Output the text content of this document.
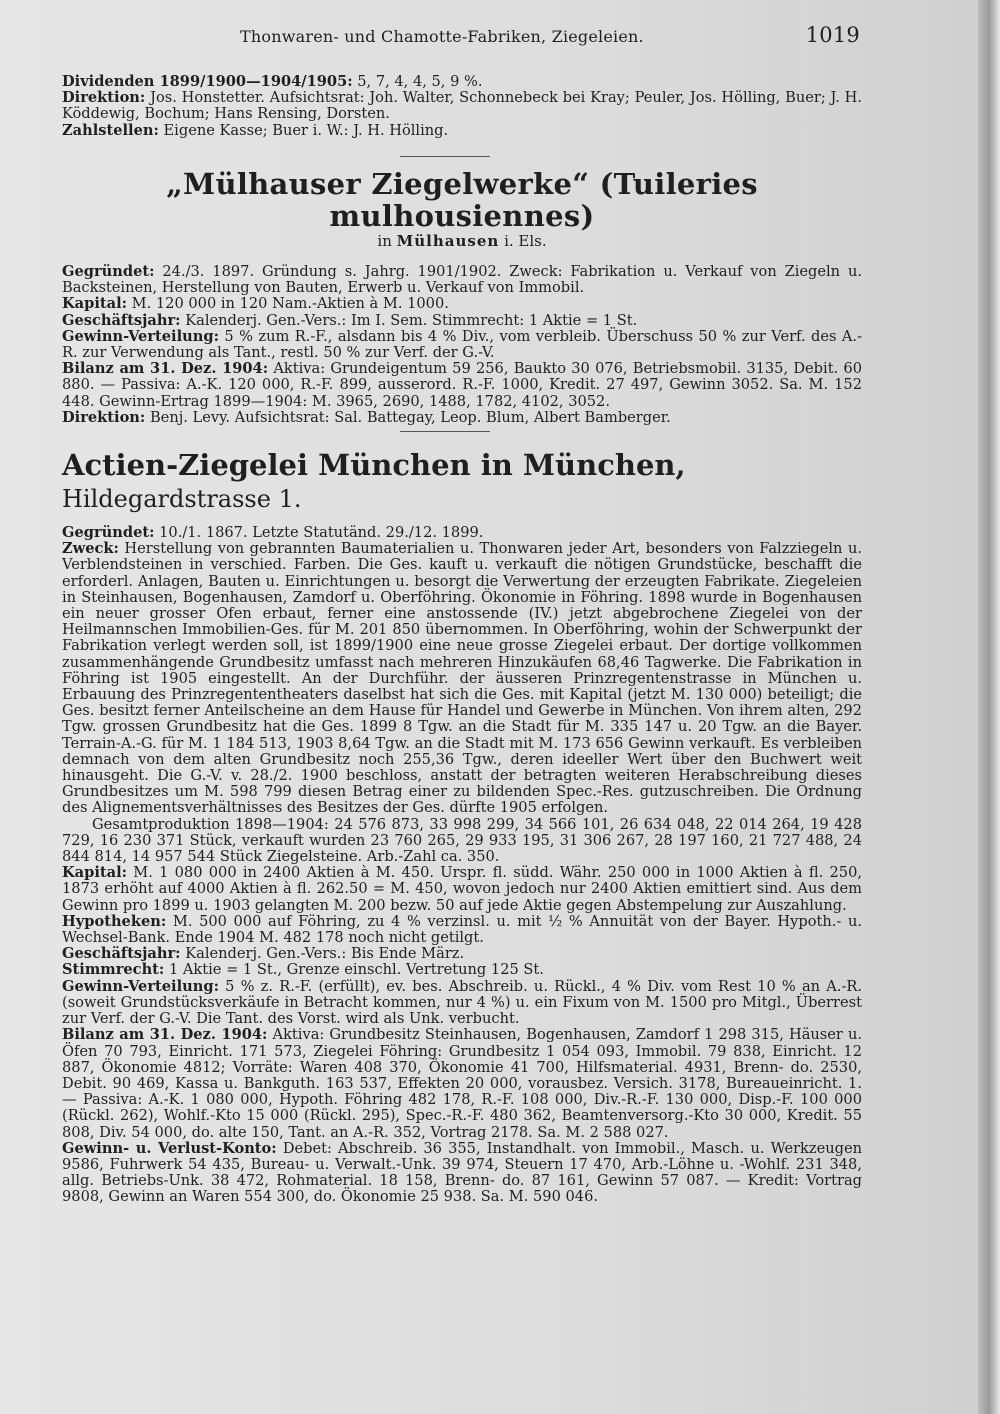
Thonwaren- und Chamotte-Fabriken, Ziegeleien.	1019

Dividenden 1899/1900—1904/1905: 5, 7, 4, 4, 5, 9 %.

Direktion: Jos. Honstetter. Aufsichtsrat: Joh. Walter, Schonnebeck bei Kray; Peuler, Jos. Hölling, Buer; J. H. Köddewig, Bochum; Hans Rensing, Dorsten.

Zahlstellen: Eigene Kasse; Buer i. W.: J. H. Hölling.

„Mülhauser Ziegelwerke“ (Tuileries mulhousiennes)

in Mülhausen i. Els.

Gegründet: 24./3. 1897. Gründung s. Jahrg. 1901/1902. Zweck: Fabrikation u. Verkauf von Ziegeln u. Backsteinen, Herstellung von Bauten, Erwerb u. Verkauf von Immobil.

Kapital: M. 120 000 in 120 Nam.-Aktien à M. 1000.

Geschäftsjahr: Kalenderj. Gen.-Vers.: Im I. Sem. Stimmrecht: 1 Aktie = 1 St.

Gewinn-Verteilung: 5 % zum R.-F., alsdann bis 4 % Div., vom verbleib. Überschuss 50 % zur Verf. des A.-R. zur Verwendung als Tant., restl. 50 % zur Verf. der G.-V.

Bilanz am 31. Dez. 1904: Aktiva: Grundeigentum 59 256, Baukto 30 076, Betriebsmobil. 3135, Debit. 60 880. — Passiva: A.-K. 120 000, R.-F. 899, ausserord. R.-F. 1000, Kredit. 27 497, Gewinn 3052. Sa. M. 152 448. Gewinn-Ertrag 1899—1904: M. 3965, 2690, 1488, 1782, 4102, 3052.

Direktion: Benj. Levy. Aufsichtsrat: Sal. Battegay, Leop. Blum, Albert Bamberger.

Actien-Ziegelei München in München, Hildegardstrasse 1.

Gegründet: 10./1. 1867. Letzte Statutänd. 29./12. 1899.

Zweck: Herstellung von gebrannten Baumaterialien u. Thonwaren jeder Art, besonders von Falzziegeln u. Verblendsteinen in verschied. Farben. Die Ges. kauft u. verkauft die nötigen Grundstücke, beschafft die erforderl. Anlagen, Bauten u. Einrichtungen u. besorgt die Verwertung der erzeugten Fabrikate. Ziegeleien in Steinhausen, Bogenhausen, Zamdorf u. Oberföhring. Ökonomie in Föhring. 1898 wurde in Bogenhausen ein neuer grosser Ofen erbaut, ferner eine anstossende (IV.) jetzt abgebrochene Ziegelei von der Heilmannschen Immobilien-Ges. für M. 201 850 übernommen. In Oberföhring, wohin der Schwerpunkt der Fabrikation verlegt werden soll, ist 1899/1900 eine neue grosse Ziegelei erbaut. Der dortige vollkommen zusammenhängende Grundbesitz umfasst nach mehreren Hinzukäufen 68,46 Tagwerke. Die Fabrikation in Föhring ist 1905 eingestellt. An der Durchführ. der äusseren Prinzregentenstrasse in München u. Erbauung des Prinzregententheaters daselbst hat sich die Ges. mit Kapital (jetzt M. 130 000) beteiligt; die Ges. besitzt ferner Anteilscheine an dem Hause für Handel und Gewerbe in München. Von ihrem alten, 292 Tgw. grossen Grundbesitz hat die Ges. 1899 8 Tgw. an die Stadt für M. 335 147 u. 20 Tgw. an die Bayer. Terrain-A.-G. für M. 1 184 513, 1903 8,64 Tgw. an die Stadt mit M. 173 656 Gewinn verkauft. Es verbleiben demnach von dem alten Grundbesitz noch 255,36 Tgw., deren ideeller Wert über den Buchwert weit hinausgeht. Die G.-V. v. 28./2. 1900 beschloss, anstatt der betragten weiteren Herabschreibung dieses Grundbesitzes um M. 598 799 diesen Betrag einer zu bildenden Spec.-Res. gutzuschreiben. Die Ordnung des Alignementsverhältnisses des Besitzes der Ges. dürfte 1905 erfolgen.

Gesamtproduktion 1898—1904: 24 576 873, 33 998 299, 34 566 101, 26 634 048, 22 014 264, 19 428 729, 16 230 371 Stück, verkauft wurden 23 760 265, 29 933 195, 31 306 267, 28 197 160, 21 727 488, 24 844 814, 14 957 544 Stück Ziegelsteine. Arb.-Zahl ca. 350.

Kapital: M. 1 080 000 in 2400 Aktien à M. 450. Urspr. fl. südd. Währ. 250 000 in 1000 Aktien à fl. 250, 1873 erhöht auf 4000 Aktien à fl. 262.50 = M. 450, wovon jedoch nur 2400 Aktien emittiert sind. Aus dem Gewinn pro 1899 u. 1903 gelangten M. 200 bezw. 50 auf jede Aktie gegen Abstempelung zur Auszahlung.

Hypotheken: M. 500 000 auf Föhring, zu 4 % verzinsl. u. mit ½ % Annuität von der Bayer. Hypoth.- u. Wechsel-Bank. Ende 1904 M. 482 178 noch nicht getilgt.

Geschäftsjahr: Kalenderj. Gen.-Vers.: Bis Ende März.

Stimmrecht: 1 Aktie = 1 St., Grenze einschl. Vertretung 125 St.

Gewinn-Verteilung: 5 % z. R.-F. (erfüllt), ev. bes. Abschreib. u. Rückl., 4 % Div. vom Rest 10 % an A.-R. (soweit Grundstücksverkäufe in Betracht kommen, nur 4 %) u. ein Fixum von M. 1500 pro Mitgl., Überrest zur Verf. der G.-V. Die Tant. des Vorst. wird als Unk. verbucht.

Bilanz am 31. Dez. 1904: Aktiva: Grundbesitz Steinhausen, Bogenhausen, Zamdorf 1 298 315, Häuser u. Öfen 70 793, Einricht. 171 573, Ziegelei Föhring: Grundbesitz 1 054 093, Immobil. 79 838, Einricht. 12 887, Ökonomie 4812; Vorräte: Waren 408 370, Ökonomie 41 700, Hilfsmaterial. 4931, Brenn- do. 2530, Debit. 90 469, Kassa u. Bankguth. 163 537, Effekten 20 000, vorausbez. Versich. 3178, Bureaueinricht. 1. — Passiva: A.-K. 1 080 000, Hypoth. Föhring 482 178, R.-F. 108 000, Div.-R.-F. 130 000, Disp.-F. 100 000 (Rückl. 262), Wohlf.-Kto 15 000 (Rückl. 295), Spec.-R.-F. 480 362, Beamtenversorg.-Kto 30 000, Kredit. 55 808, Div. 54 000, do. alte 150, Tant. an A.-R. 352, Vortrag 2178. Sa. M. 2 588 027.

Gewinn- u. Verlust-Konto: Debet: Abschreib. 36 355, Instandhalt. von Immobil., Masch. u. Werkzeugen 9586, Fuhrwerk 54 435, Bureau- u. Verwalt.-Unk. 39 974, Steuern 17 470, Arb.-Löhne u. -Wohlf. 231 348, allg. Betriebs-Unk. 38 472, Rohmaterial. 18 158, Brenn- do. 87 161, Gewinn 57 087. — Kredit: Vortrag 9808, Gewinn an Waren 554 300, do. Ökonomie 25 938. Sa. M. 590 046.
